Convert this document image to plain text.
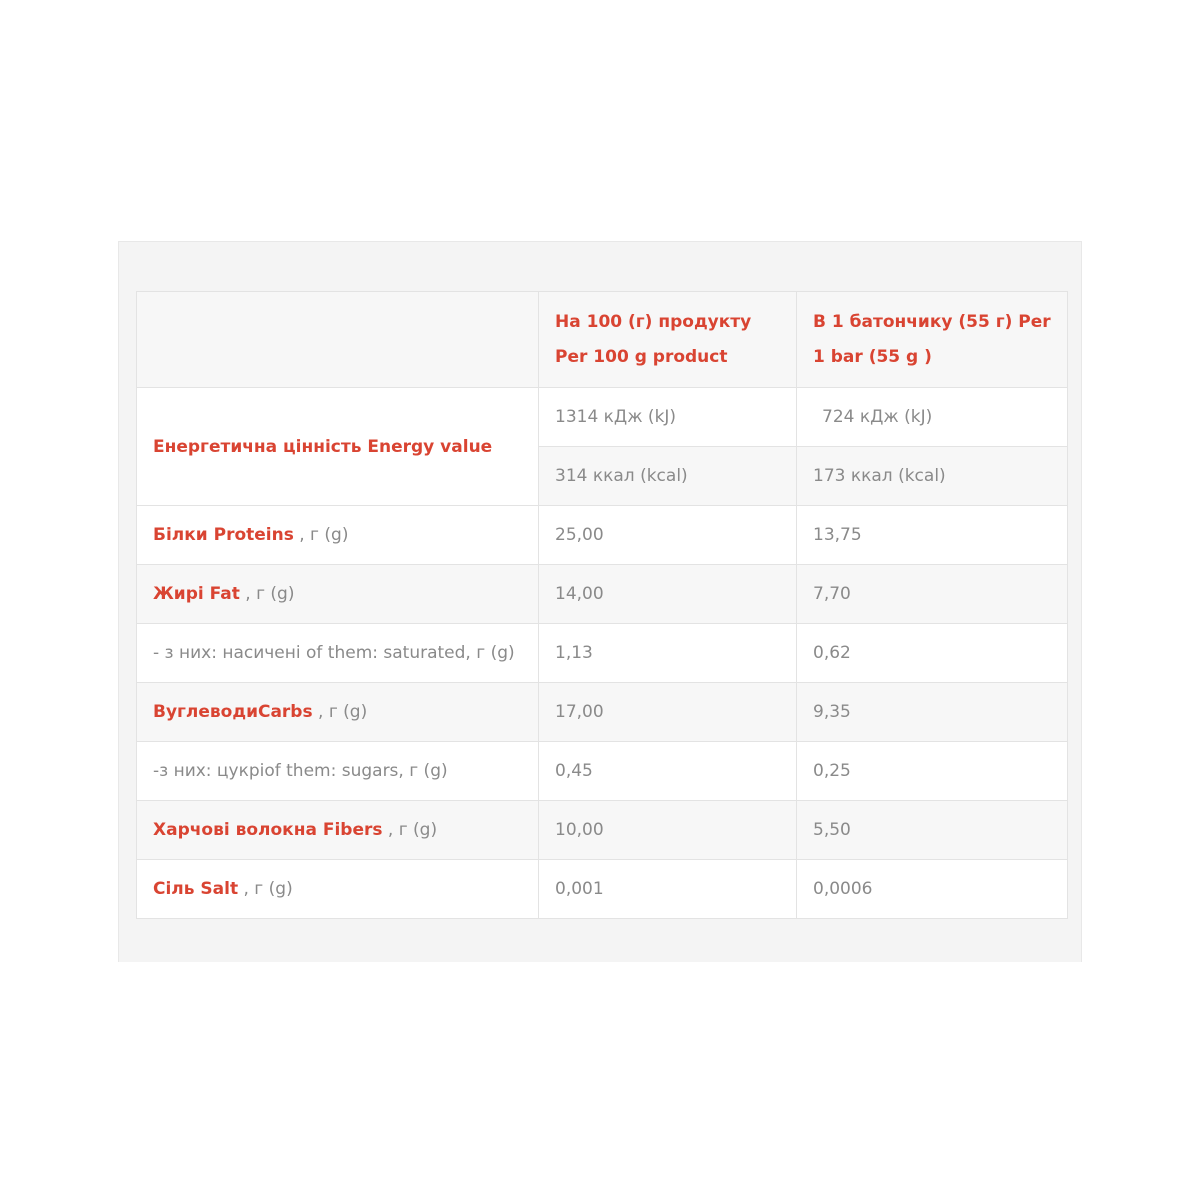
	На 100 (г) продукту Per 100 g product	В 1 батончику (55 г) Per 1 bar (55 g )
Енергетична цінність Energy value	1314 кДж (kJ)	724 кДж (kJ)
	314 ккал (kcal)	173 ккал (kcal)
Білки Proteins , г (g)	25,00	13,75
Жирі Fat , г (g)	14,00	7,70
- з них: насичені of them: saturated, г (g)	1,13	0,62
ВуглеводиCarbs , г (g)	17,00	9,35
-з них: цукріof them: sugars, г (g)	0,45	0,25
Харчові волокна Fibers , г (g)	10,00	5,50
Сіль Salt , г (g)	0,001	0,0006
